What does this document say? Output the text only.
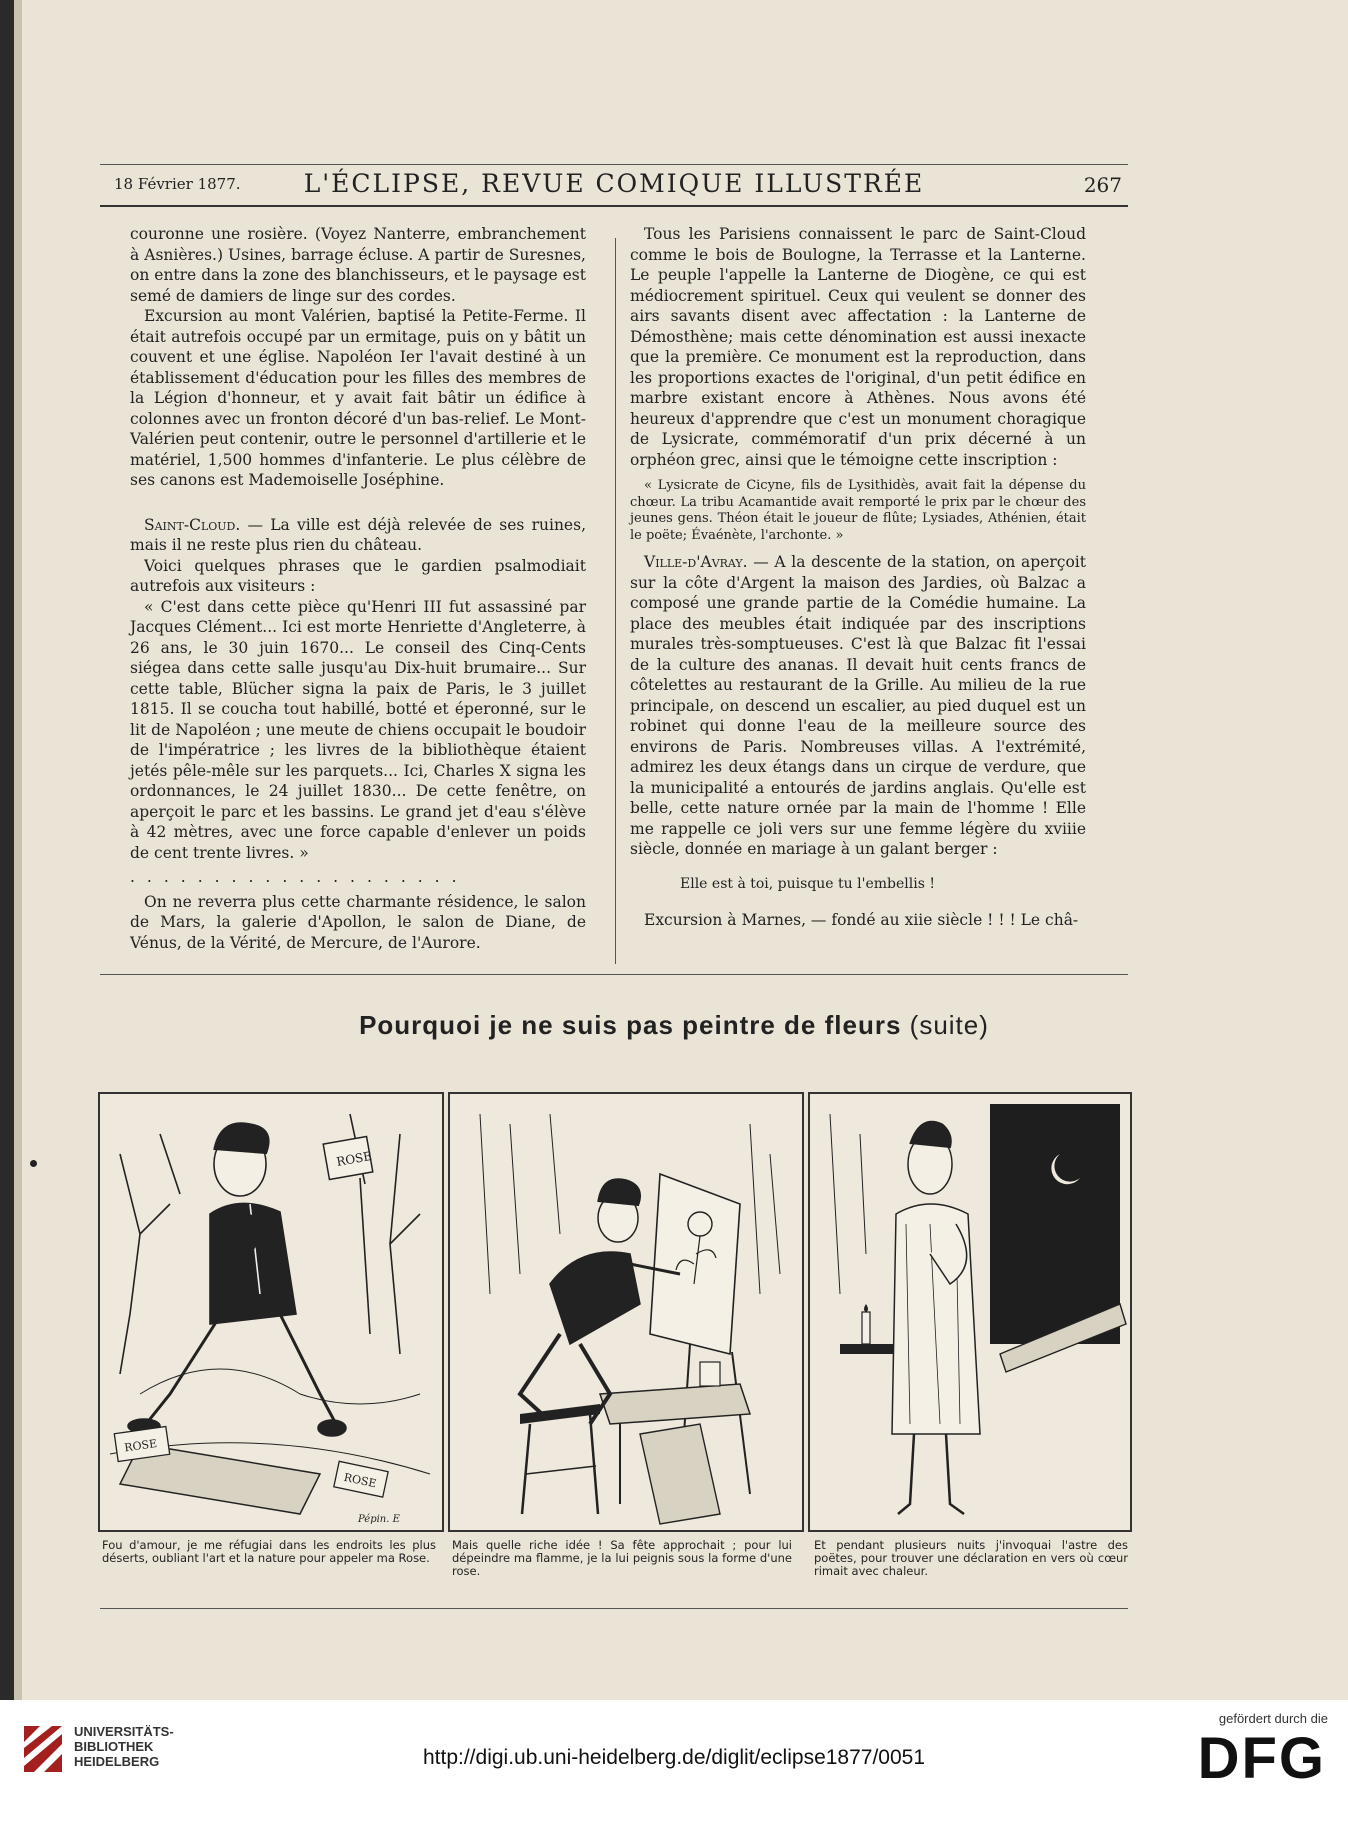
18 Février 1877.	L'ÉCLIPSE, REVUE COMIQUE ILLUSTRÉE	267

couronne une rosière. (Voyez Nanterre, embranchement à Asnières.) Usines, barrage écluse. A partir de Suresnes, on entre dans la zone des blanchisseurs, et le paysage est semé de damiers de linge sur des cordes.

Excursion au mont Valérien, baptisé la Petite-Ferme. Il était autrefois occupé par un ermitage, puis on y bâtit un couvent et une église. Napoléon Ier l'avait destiné à un établissement d'éducation pour les filles des membres de la Légion d'honneur, et y avait fait bâtir un édifice à colonnes avec un fronton décoré d'un bas-relief. Le Mont-Valérien peut contenir, outre le personnel d'artillerie et le matériel, 1,500 hommes d'infanterie. Le plus célèbre de ses canons est Mademoiselle Joséphine.

Saint-Cloud. — La ville est déjà relevée de ses ruines, mais il ne reste plus rien du château.

Voici quelques phrases que le gardien psalmodiait autrefois aux visiteurs :

« C'est dans cette pièce qu'Henri III fut assassiné par Jacques Clément... Ici est morte Henriette d'Angleterre, à 26 ans, le 30 juin 1670... Le conseil des Cinq-Cents siégea dans cette salle jusqu'au Dix-huit brumaire... Sur cette table, Blücher signa la paix de Paris, le 3 juillet 1815. Il se coucha tout habillé, botté et éperonné, sur le lit de Napoléon ; une meute de chiens occupait le boudoir de l'impératrice ; les livres de la bibliothèque étaient jetés pêle-mêle sur les parquets... Ici, Charles X signa les ordonnances, le 24 juillet 1830... De cette fenêtre, on aperçoit le parc et les bassins. Le grand jet d'eau s'élève à 42 mètres, avec une force capable d'enlever un poids de cent trente livres. »

....................

On ne reverra plus cette charmante résidence, le salon de Mars, la galerie d'Apollon, le salon de Diane, de Vénus, de la Vérité, de Mercure, de l'Aurore.

Tous les Parisiens connaissent le parc de Saint-Cloud comme le bois de Boulogne, la Terrasse et la Lanterne. Le peuple l'appelle la Lanterne de Diogène, ce qui est médiocrement spirituel. Ceux qui veulent se donner des airs savants disent avec affectation : la Lanterne de Démosthène; mais cette dénomination est aussi inexacte que la première. Ce monument est la reproduction, dans les proportions exactes de l'original, d'un petit édifice en marbre existant encore à Athènes. Nous avons été heureux d'apprendre que c'est un monument choragique de Lysicrate, commémoratif d'un prix décerné à un orphéon grec, ainsi que le témoigne cette inscription :

« Lysicrate de Cicyne, fils de Lysithidès, avait fait la dépense du chœur. La tribu Acamantide avait remporté le prix par le chœur des jeunes gens. Théon était le joueur de flûte; Lysiades, Athénien, était le poëte; Évaénète, l'archonte. »

Ville-d'Avray. — A la descente de la station, on aperçoit sur la côte d'Argent la maison des Jardies, où Balzac a composé une grande partie de la Comédie humaine. La place des meubles était indiquée par des inscriptions murales très-somptueuses. C'est là que Balzac fit l'essai de la culture des ananas. Il devait huit cents francs de côtelettes au restaurant de la Grille. Au milieu de la rue principale, on descend un escalier, au pied duquel est un robinet qui donne l'eau de la meilleure source des environs de Paris. Nombreuses villas. A l'extrémité, admirez les deux étangs dans un cirque de verdure, que la municipalité a entourés de jardins anglais. Qu'elle est belle, cette nature ornée par la main de l'homme ! Elle me rappelle ce joli vers sur une femme légère du xviiie siècle, donnée en mariage à un galant berger :

Elle est à toi, puisque tu l'embellis !

Excursion à Marnes, — fondé au xiie siècle ! ! ! Le châ-

Pourquoi je ne suis pas peintre de fleurs (suite)
ROSE
ROSE
ROSE
Pépin. E
Fou d'amour, je me réfugiai dans les endroits les plus déserts, oubliant l'art et la nature pour appeler ma Rose.
Mais quelle riche idée ! Sa fête approchait ; pour lui dépeindre ma flamme, je la lui peignis sous la forme d'une rose.
Et pendant plusieurs nuits j'invoquai l'astre des poëtes, pour trouver une déclaration en vers où cœur rimait avec chaleur.
UNIVERSITÄTS-
BIBLIOTHEK
HEIDELBERG	http://digi.ub.uni-heidelberg.de/diglit/eclipse1877/0051
gefördert durch die
DFG
